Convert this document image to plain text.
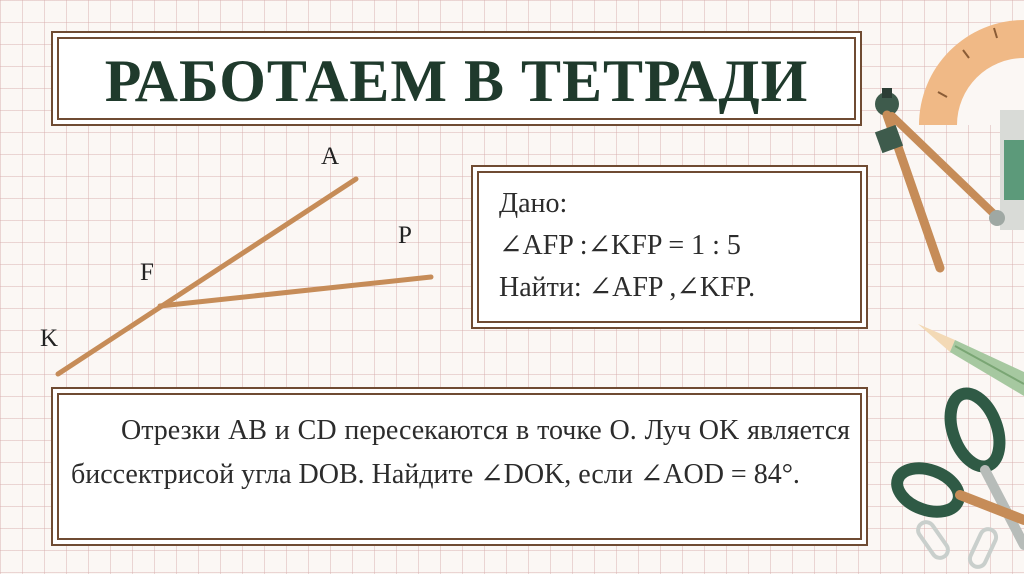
РАБОТАЕМ В ТЕТРАДИ
A
P
F
K
Дано:
∠AFP :∠KFP = 1 : 5
Найти: ∠AFP ,∠KFP.
Отрезки AB и CD пересекаются в точке О. Луч OK является биссектрисой угла DOB. Найдите ∠DOK, если ∠AOD = 84°.
